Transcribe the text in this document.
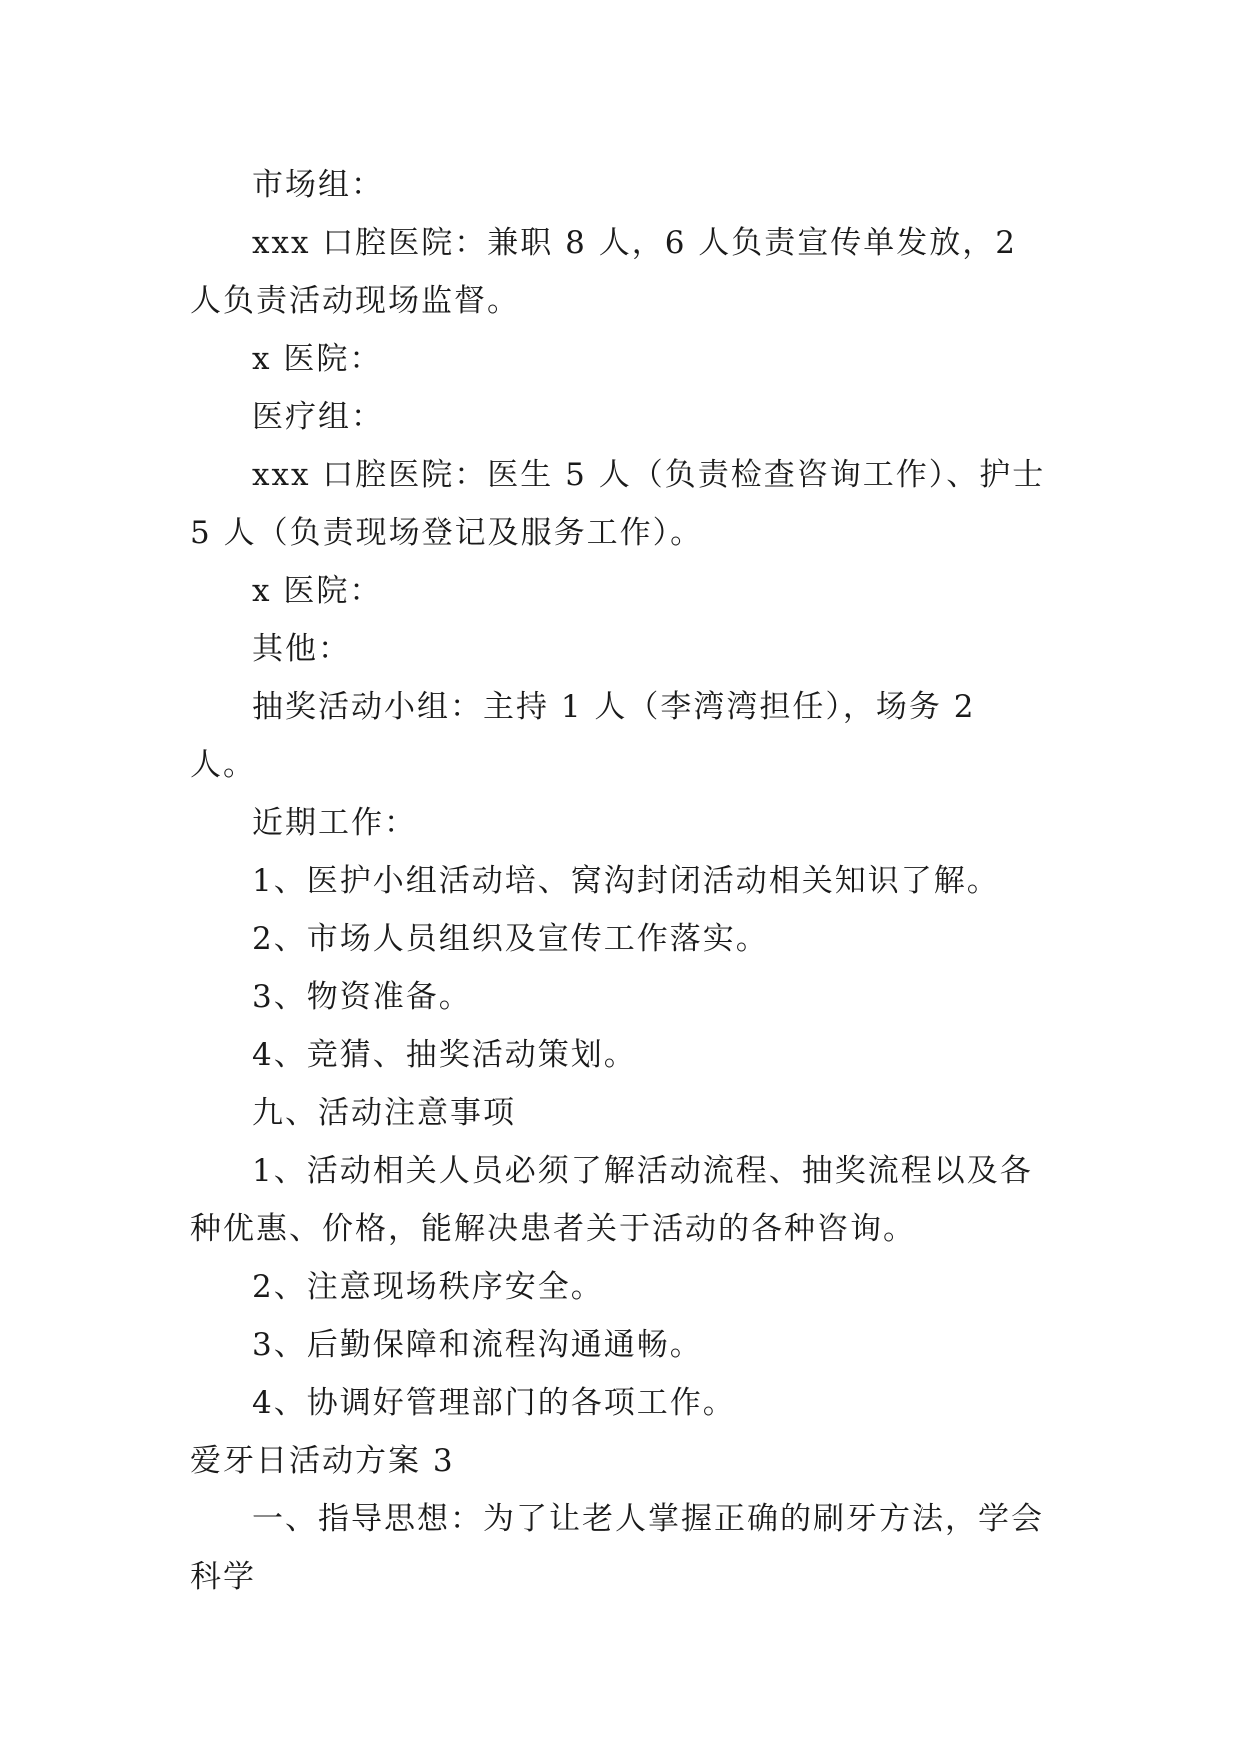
市场组：

xxx 口腔医院：兼职 8 人，6 人负责宣传单发放，2 人负责活动现场监督。

x 医院：

医疗组：

xxx 口腔医院：医生 5 人（负责检查咨询工作）、护士 5 人（负责现场登记及服务工作）。

x 医院：

其他：

抽奖活动小组：主持 1 人（李湾湾担任），场务 2 人。

近期工作：

1、医护小组活动培、窝沟封闭活动相关知识了解。

2、市场人员组织及宣传工作落实。

3、物资准备。

4、竞猜、抽奖活动策划。

九、活动注意事项

1、活动相关人员必须了解活动流程、抽奖流程以及各种优惠、价格，能解决患者关于活动的各种咨询。

2、注意现场秩序安全。

3、后勤保障和流程沟通通畅。

4、协调好管理部门的各项工作。

爱牙日活动方案 3

一、指导思想：为了让老人掌握正确的刷牙方法，学会科学
